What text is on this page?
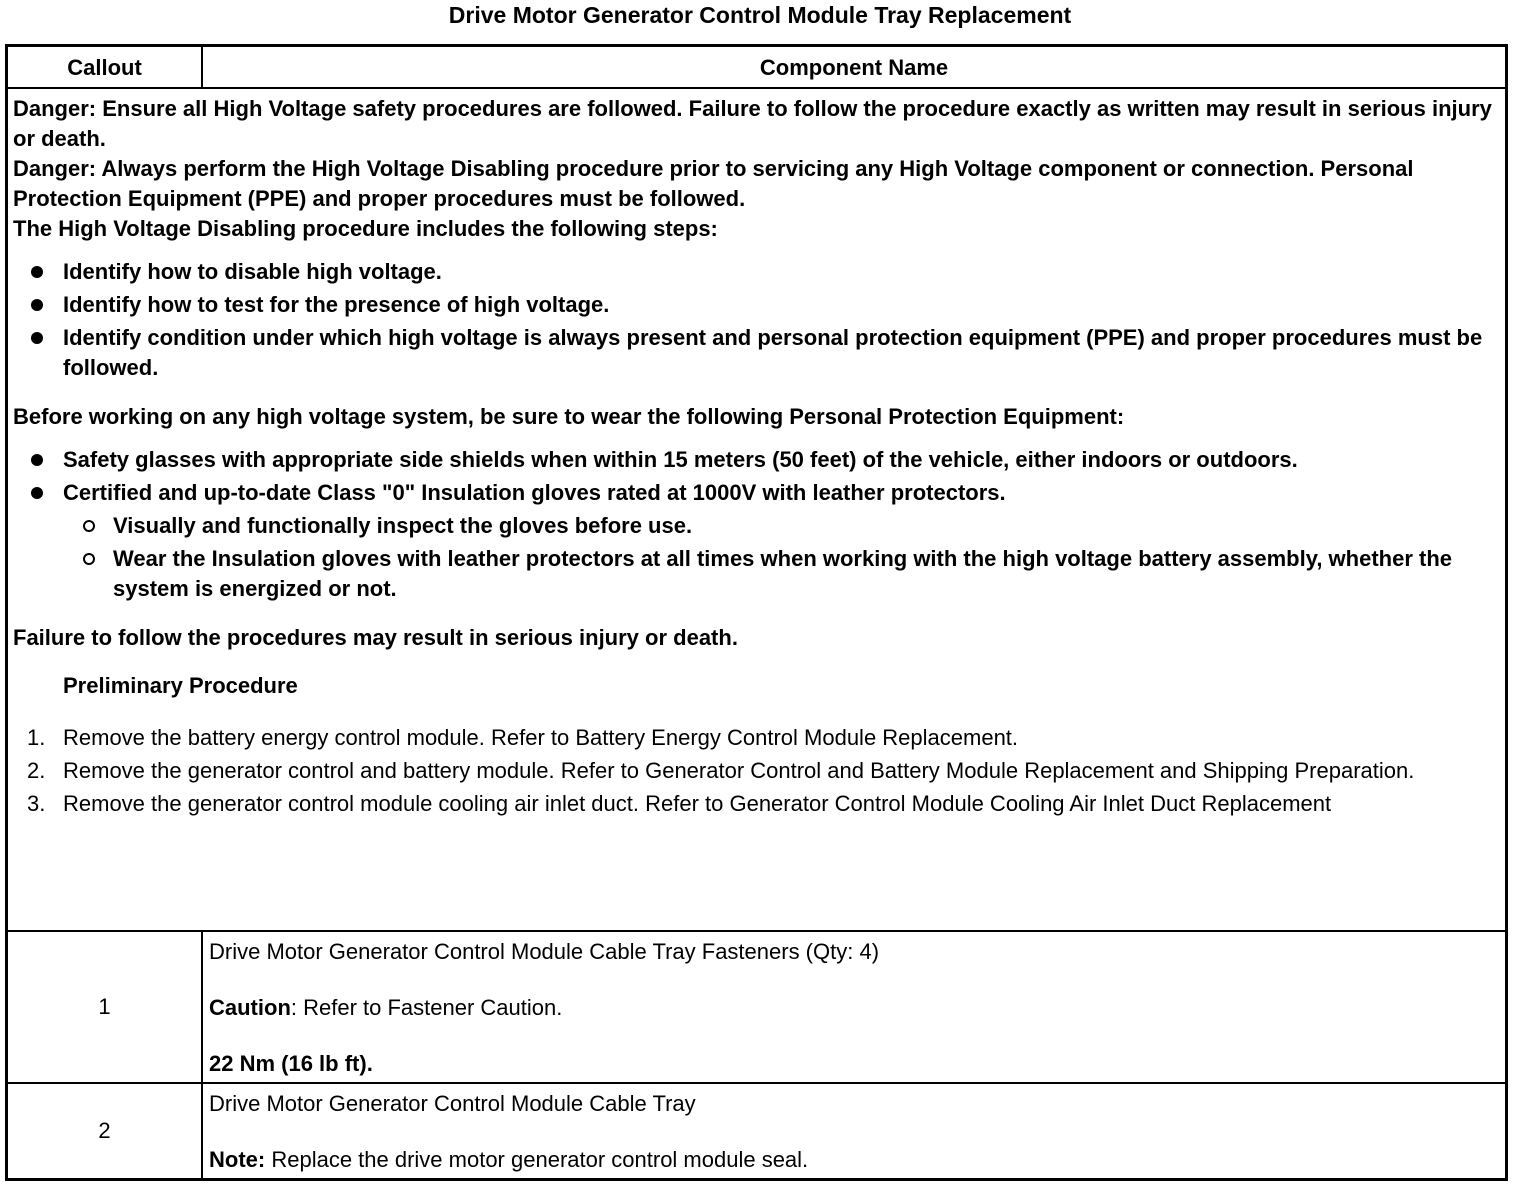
Drive Motor Generator Control Module Tray Replacement
Callout	Component Name

Danger: Ensure all High Voltage safety procedures are followed. Failure to follow the procedure exactly as written may result in serious injury or death.

Danger: Always perform the High Voltage Disabling procedure prior to servicing any High Voltage component or connection. Personal Protection Equipment (PPE) and proper procedures must be followed.

The High Voltage Disabling procedure includes the following steps:

Identify how to disable high voltage.
Identify how to test for the presence of high voltage.
Identify condition under which high voltage is always present and personal protection equipment (PPE) and proper procedures must be followed.

Before working on any high voltage system, be sure to wear the following Personal Protection Equipment:

Safety glasses with appropriate side shields when within 15 meters (50 feet) of the vehicle, either indoors or outdoors.
Certified and up-to-date Class "0" Insulation gloves rated at 1000V with leather protectors.
Visually and functionally inspect the gloves before use.
Wear the Insulation gloves with leather protectors at all times when working with the high voltage battery assembly, whether the system is energized or not.

Failure to follow the procedures may result in serious injury or death.

Preliminary Procedure

1. Remove the battery energy control module. Refer to Battery Energy Control Module Replacement.
2. Remove the generator control and battery module. Refer to Generator Control and Battery Module Replacement and Shipping Preparation.
3. Remove the generator control module cooling air inlet duct. Refer to Generator Control Module Cooling Air Inlet Duct Replacement
1

Drive Motor Generator Control Module Cable Tray Fasteners (Qty: 4)

Caution: Refer to Fastener Caution.

22 Nm (16 lb ft).

2

Drive Motor Generator Control Module Cable Tray

Note: Replace the drive motor generator control module seal.
